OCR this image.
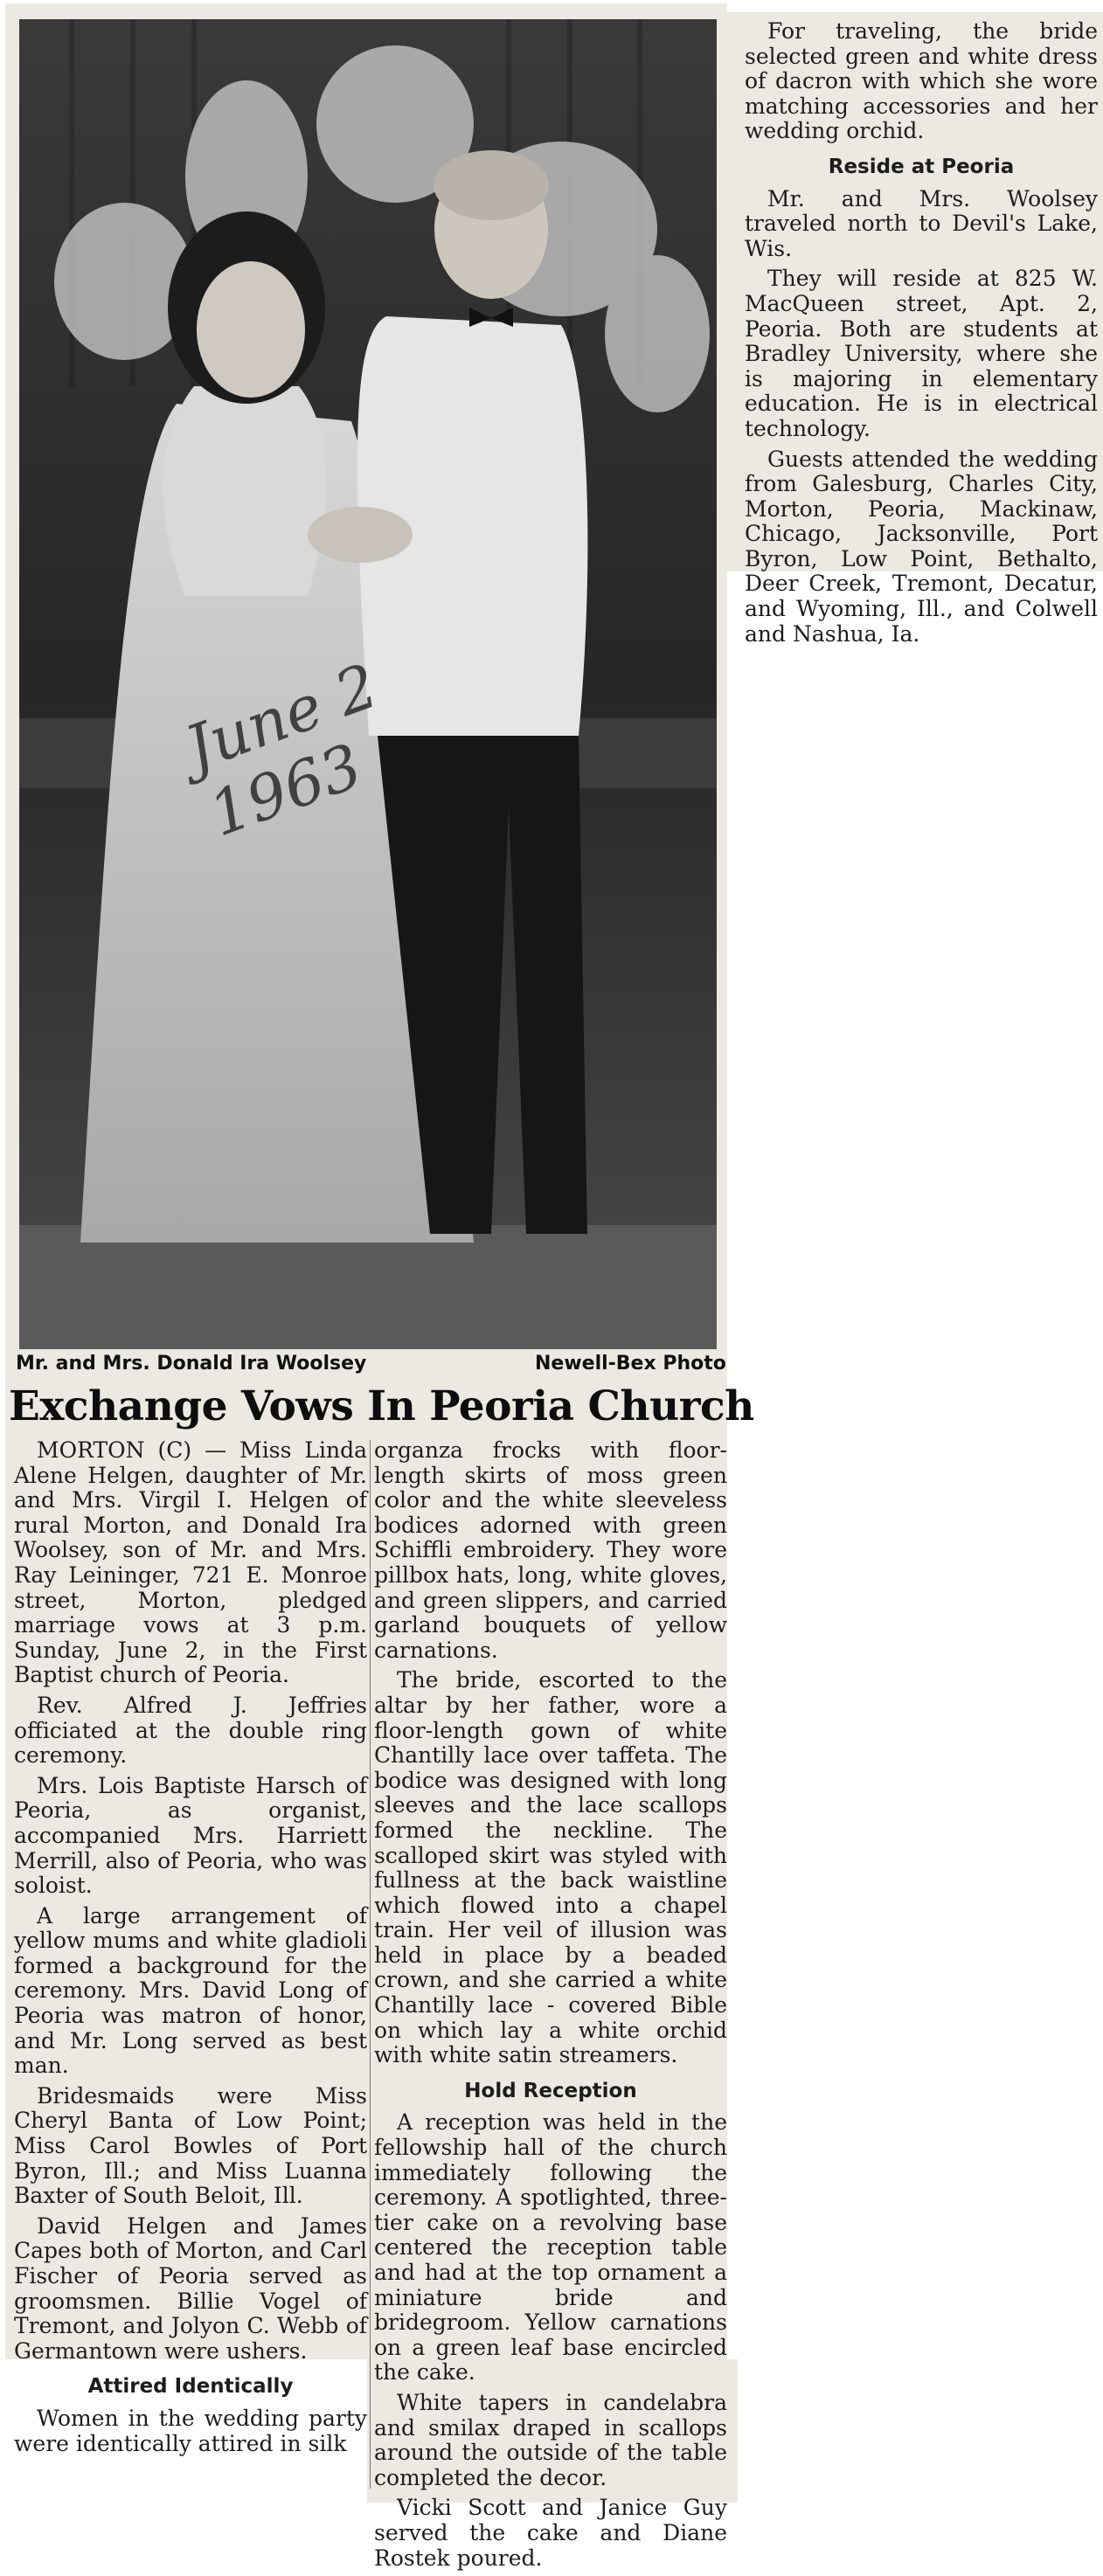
June 2 1963
Mr. and Mrs. Donald Ira Woolsey	Newell-Bex Photo
Exchange Vows In Peoria Church

For traveling, the bride selected green and white dress of dacron with which she wore matching accessories and her wedding orchid.

Reside at Peoria

Mr. and Mrs. Woolsey traveled north to Devil's Lake, Wis.

They will reside at 825 W. MacQueen street, Apt. 2, Peoria. Both are students at Bradley University, where she is majoring in elementary education. He is in electrical technology.

Guests attended the wedding from Galesburg, Charles City, Morton, Peoria, Mackinaw, Chicago, Jacksonville, Port Byron, Low Point, Bethalto, Deer Creek, Tremont, Decatur, and Wyoming, Ill., and Colwell and Nashua, Ia.

MORTON (C) — Miss Linda Alene Helgen, daughter of Mr. and Mrs. Virgil I. Helgen of rural Morton, and Donald Ira Woolsey, son of Mr. and Mrs. Ray Leininger, 721 E. Monroe street, Morton, pledged marriage vows at 3 p.m. Sunday, June 2, in the First Baptist church of Peoria.

Rev. Alfred J. Jeffries officiated at the double ring ceremony.

Mrs. Lois Baptiste Harsch of Peoria, as organist, accompanied Mrs. Harriett Merrill, also of Peoria, who was soloist.

A large arrangement of yellow mums and white gladioli formed a background for the ceremony. Mrs. David Long of Peoria was matron of honor, and Mr. Long served as best man.

Bridesmaids were Miss Cheryl Banta of Low Point; Miss Carol Bowles of Port Byron, Ill.; and Miss Luanna Baxter of South Beloit, Ill.

David Helgen and James Capes both of Morton, and Carl Fischer of Peoria served as groomsmen. Billie Vogel of Tremont, and Jolyon C. Webb of Germantown were ushers.

Attired Identically

Women in the wedding party were identically attired in silk

organza frocks with floor-length skirts of moss green color and the white sleeveless bodices adorned with green Schiffli embroidery. They wore pillbox hats, long, white gloves, and green slippers, and carried garland bouquets of yellow carnations.

The bride, escorted to the altar by her father, wore a floor-length gown of white Chantilly lace over taffeta. The bodice was designed with long sleeves and the lace scallops formed the neckline. The scalloped skirt was styled with fullness at the back waistline which flowed into a chapel train. Her veil of illusion was held in place by a beaded crown, and she carried a white Chantilly lace - covered Bible on which lay a white orchid with white satin streamers.

Hold Reception

A reception was held in the fellowship hall of the church immediately following the ceremony. A spotlighted, three-tier cake on a revolving base centered the reception table and had at the top ornament a miniature bride and bridegroom. Yellow carnations on a green leaf base encircled the cake.

White tapers in candelabra and smilax draped in scallops around the outside of the table completed the decor.

Vicki Scott and Janice Guy served the cake and Diane Rostek poured.
